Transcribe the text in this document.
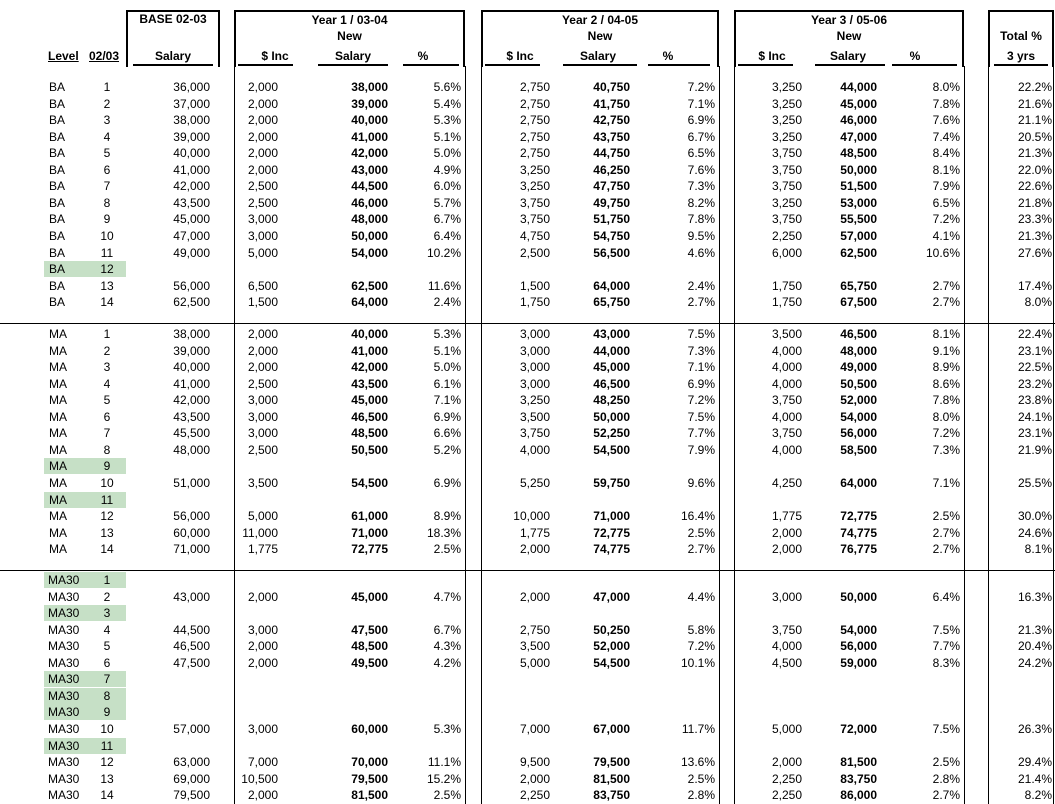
BASE 02-03	Year 1 / 03-04	Year 2 / 04-05	Year 3 / 05-06
New	New	New	Total %
Level 02/03	Salary	3 yrs
$ Inc	Salary	%	$ Inc	Salary	%	$ Inc	Salary	%
BA	1	36,000	2,000	38,000	5.6%	2,750	40,750	7.2%	3,250	44,000	8.0%	22.2%
BA	2	37,000	2,000	39,000	5.4%	2,750	41,750	7.1%	3,250	45,000	7.8%	21.6%
BA	3	38,000	2,000	40,000	5.3%	2,750	42,750	6.9%	3,250	46,000	7.6%	21.1%
BA	4	39,000	2,000	41,000	5.1%	2,750	43,750	6.7%	3,250	47,000	7.4%	20.5%
BA	5	40,000	2,000	42,000	5.0%	2,750	44,750	6.5%	3,750	48,500	8.4%	21.3%
BA	6	41,000	2,000	43,000	4.9%	3,250	46,250	7.6%	3,750	50,000	8.1%	22.0%
BA	7	42,000	2,500	44,500	6.0%	3,250	47,750	7.3%	3,750	51,500	7.9%	22.6%
BA	8	43,500	2,500	46,000	5.7%	3,750	49,750	8.2%	3,250	53,000	6.5%	21.8%
BA	9	45,000	3,000	48,000	6.7%	3,750	51,750	7.8%	3,750	55,500	7.2%	23.3%
BA	10	47,000	3,000	50,000	6.4%	4,750	54,750	9.5%	2,250	57,000	4.1%	21.3%
BA	11	49,000	5,000	54,000	10.2%	2,500	56,500	4.6%	6,000	62,500	10.6%	27.6%
BA	12
BA	13	56,000	6,500	62,500	11.6%	1,500	64,000	2.4%	1,750	65,750	2.7%	17.4%
BA	14	62,500	1,500	64,000	2.4%	1,750	65,750	2.7%	1,750	67,500	2.7%	8.0%
MA	1	38,000	2,000	40,000	5.3%	3,000	43,000	7.5%	3,500	46,500	8.1%	22.4%
MA	2	39,000	2,000	41,000	5.1%	3,000	44,000	7.3%	4,000	48,000	9.1%	23.1%
MA	3	40,000	2,000	42,000	5.0%	3,000	45,000	7.1%	4,000	49,000	8.9%	22.5%
MA	4	41,000	2,500	43,500	6.1%	3,000	46,500	6.9%	4,000	50,500	8.6%	23.2%
MA	5	42,000	3,000	45,000	7.1%	3,250	48,250	7.2%	3,750	52,000	7.8%	23.8%
MA	6	43,500	3,000	46,500	6.9%	3,500	50,000	7.5%	4,000	54,000	8.0%	24.1%
MA	7	45,500	3,000	48,500	6.6%	3,750	52,250	7.7%	3,750	56,000	7.2%	23.1%
MA	8	48,000	2,500	50,500	5.2%	4,000	54,500	7.9%	4,000	58,500	7.3%	21.9%
MA	9
MA	10	51,000	3,500	54,500	6.9%	5,250	59,750	9.6%	4,250	64,000	7.1%	25.5%
MA	11
MA	12	56,000	5,000	61,000	8.9%	10,000	71,000	16.4%	1,775	72,775	2.5%	30.0%
MA	13	60,000	11,000	71,000	18.3%	1,775	72,775	2.5%	2,000	74,775	2.7%	24.6%
MA	14	71,000	1,775	72,775	2.5%	2,000	74,775	2.7%	2,000	76,775	2.7%	8.1%
MA30	1
MA30	2	43,000	2,000	45,000	4.7%	2,000	47,000	4.4%	3,000	50,000	6.4%	16.3%
MA30	3
MA30	4	44,500	3,000	47,500	6.7%	2,750	50,250	5.8%	3,750	54,000	7.5%	21.3%
MA30	5	46,500	2,000	48,500	4.3%	3,500	52,000	7.2%	4,000	56,000	7.7%	20.4%
MA30	6	47,500	2,000	49,500	4.2%	5,000	54,500	10.1%	4,500	59,000	8.3%	24.2%
MA30	7
MA30	8
MA30	9
MA30	10	57,000	3,000	60,000	5.3%	7,000	67,000	11.7%	5,000	72,000	7.5%	26.3%
MA30	11
MA30	12	63,000	7,000	70,000	11.1%	9,500	79,500	13.6%	2,000	81,500	2.5%	29.4%
MA30	13	69,000	10,500	79,500	15.2%	2,000	81,500	2.5%	2,250	83,750	2.8%	21.4%
MA30	14	79,500	2,000	81,500	2.5%	2,250	83,750	2.8%	2,250	86,000	2.7%	8.2%
